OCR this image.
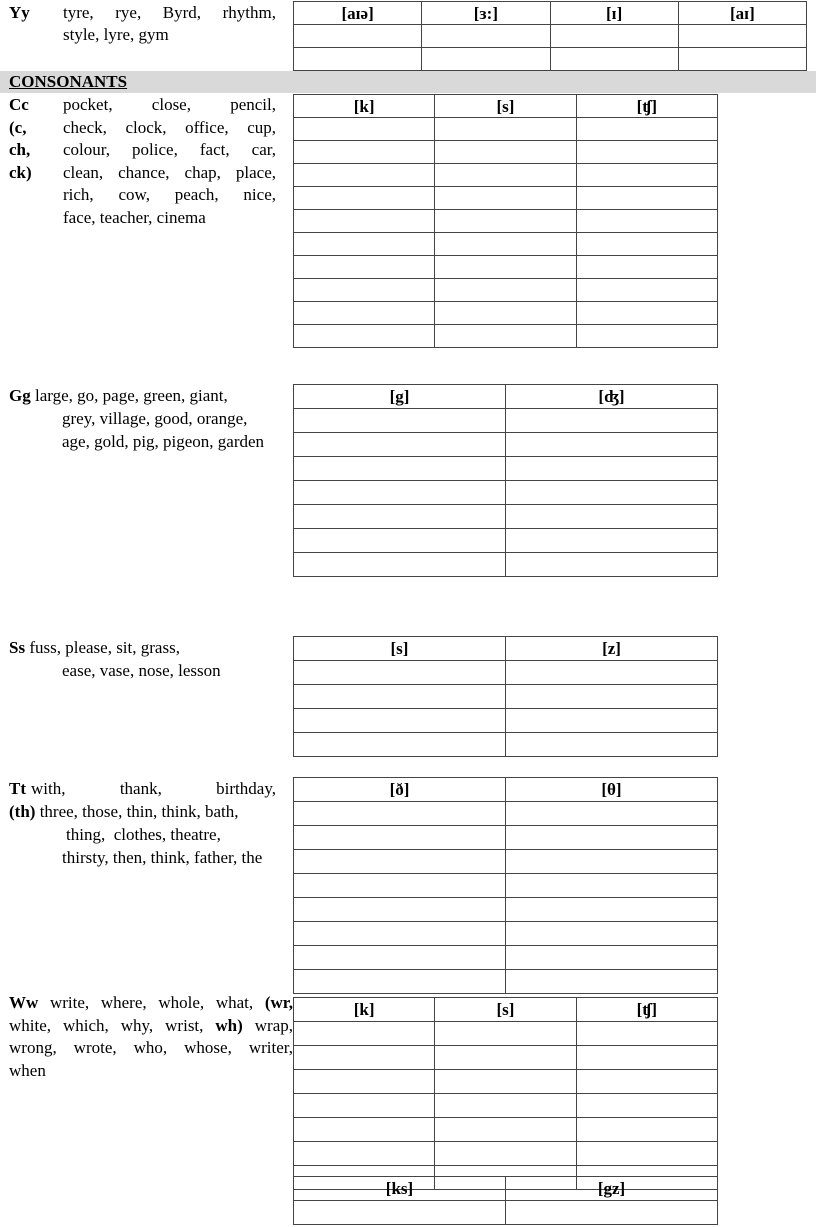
Yy tyre, rye, Byrd, rhythm,
style, lyre, gym
[aɪə]	[ɜ:]	[ɪ]	[aɪ]

CONSONANTS
Cc
(c,
ch,
ck)
pocket, close, pencil,
check, clock, office, cup,
colour, police, fact, car,
clean, chance, chap, place,
rich, cow, peach, nice,
face, teacher, cinema
[k]	[s]	[ʧ]

Gg large, go, page, green, giant,
grey, village, good, orange,
age, gold, pig, pigeon, garden
[g]	[ʤ]

Ss fuss, please, sit, grass,
ease, vase, nose, lesson
[s]	[z]

Tt with,	thank,	birthday,
(th) three, those, thin, think, bath,
thing,  clothes, theatre,
thirsty, then, think, father, the
[ð]	[θ]

Ww write, where, whole, what, (wr,
white, which, why, wrist, wh) wrap,
wrong, wrote, who, whose, writer,
when
[k]	[s]	[ʧ]

[ks]	[gz]
